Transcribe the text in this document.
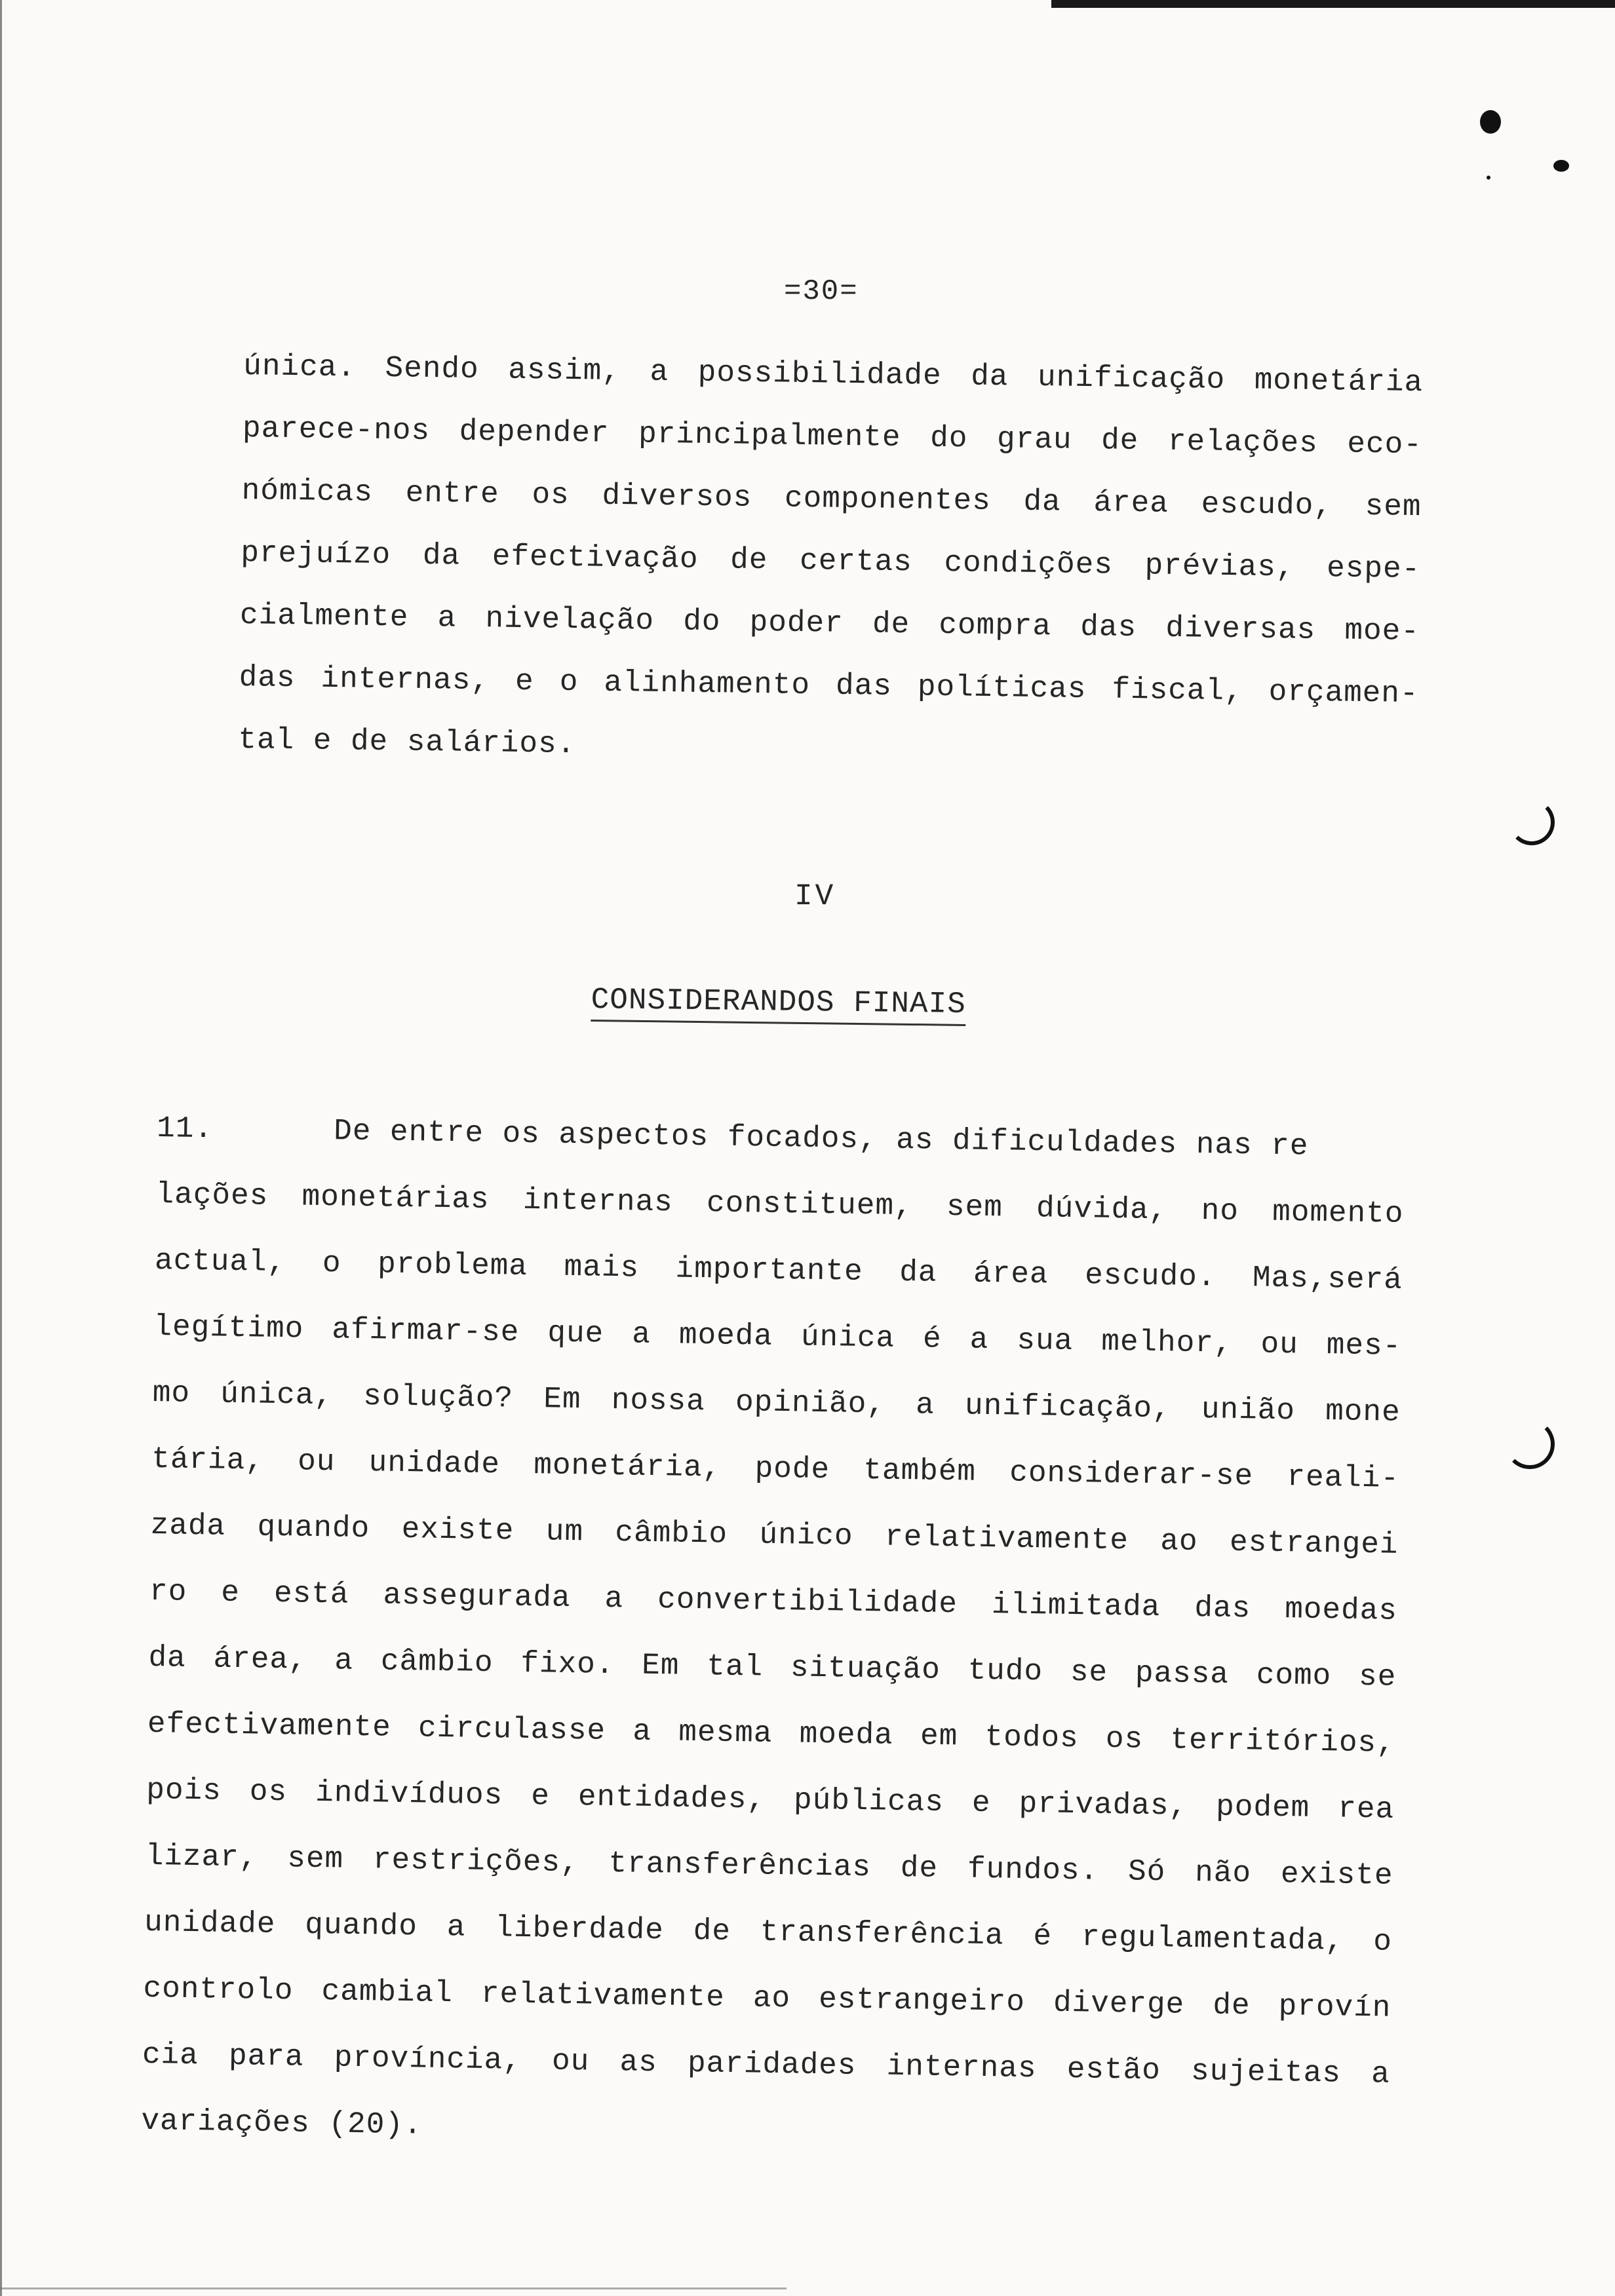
=30=
única. Sendo assim, a possibilidade da unificação monetária
parece-nos depender principalmente do grau de relações eco-
nómicas entre os diversos componentes da área escudo, sem
prejuízo da efectivação de certas condições prévias, espe-
cialmente a nivelação do poder de compra das diversas moe-
das internas, e o alinhamento das políticas fiscal, orçamen-
tal e de salários.
IV
CONSIDERANDOS FINAIS
11.	De entre os aspectos focados, as dificuldades nas re
lações monetárias internas constituem, sem dúvida, no momento
actual, o problema mais importante da área escudo. Mas,será
legítimo afirmar-se que a moeda única é a sua melhor, ou mes-
mo única, solução? Em nossa opinião, a unificação, união mone
tária, ou unidade monetária, pode também considerar-se reali-
zada quando existe um câmbio único relativamente ao estrangei
ro e está assegurada a convertibilidade ilimitada das moedas
da área, a câmbio fixo. Em tal situação tudo se passa como se
efectivamente circulasse a mesma moeda em todos os territórios,
pois os indivíduos e entidades, públicas e privadas, podem rea
lizar, sem restrições, transferências de fundos. Só não existe
unidade quando a liberdade de transferência é regulamentada, o
controlo cambial relativamente ao estrangeiro diverge de provín
cia para província, ou as paridades internas estão sujeitas a
variações (20).
